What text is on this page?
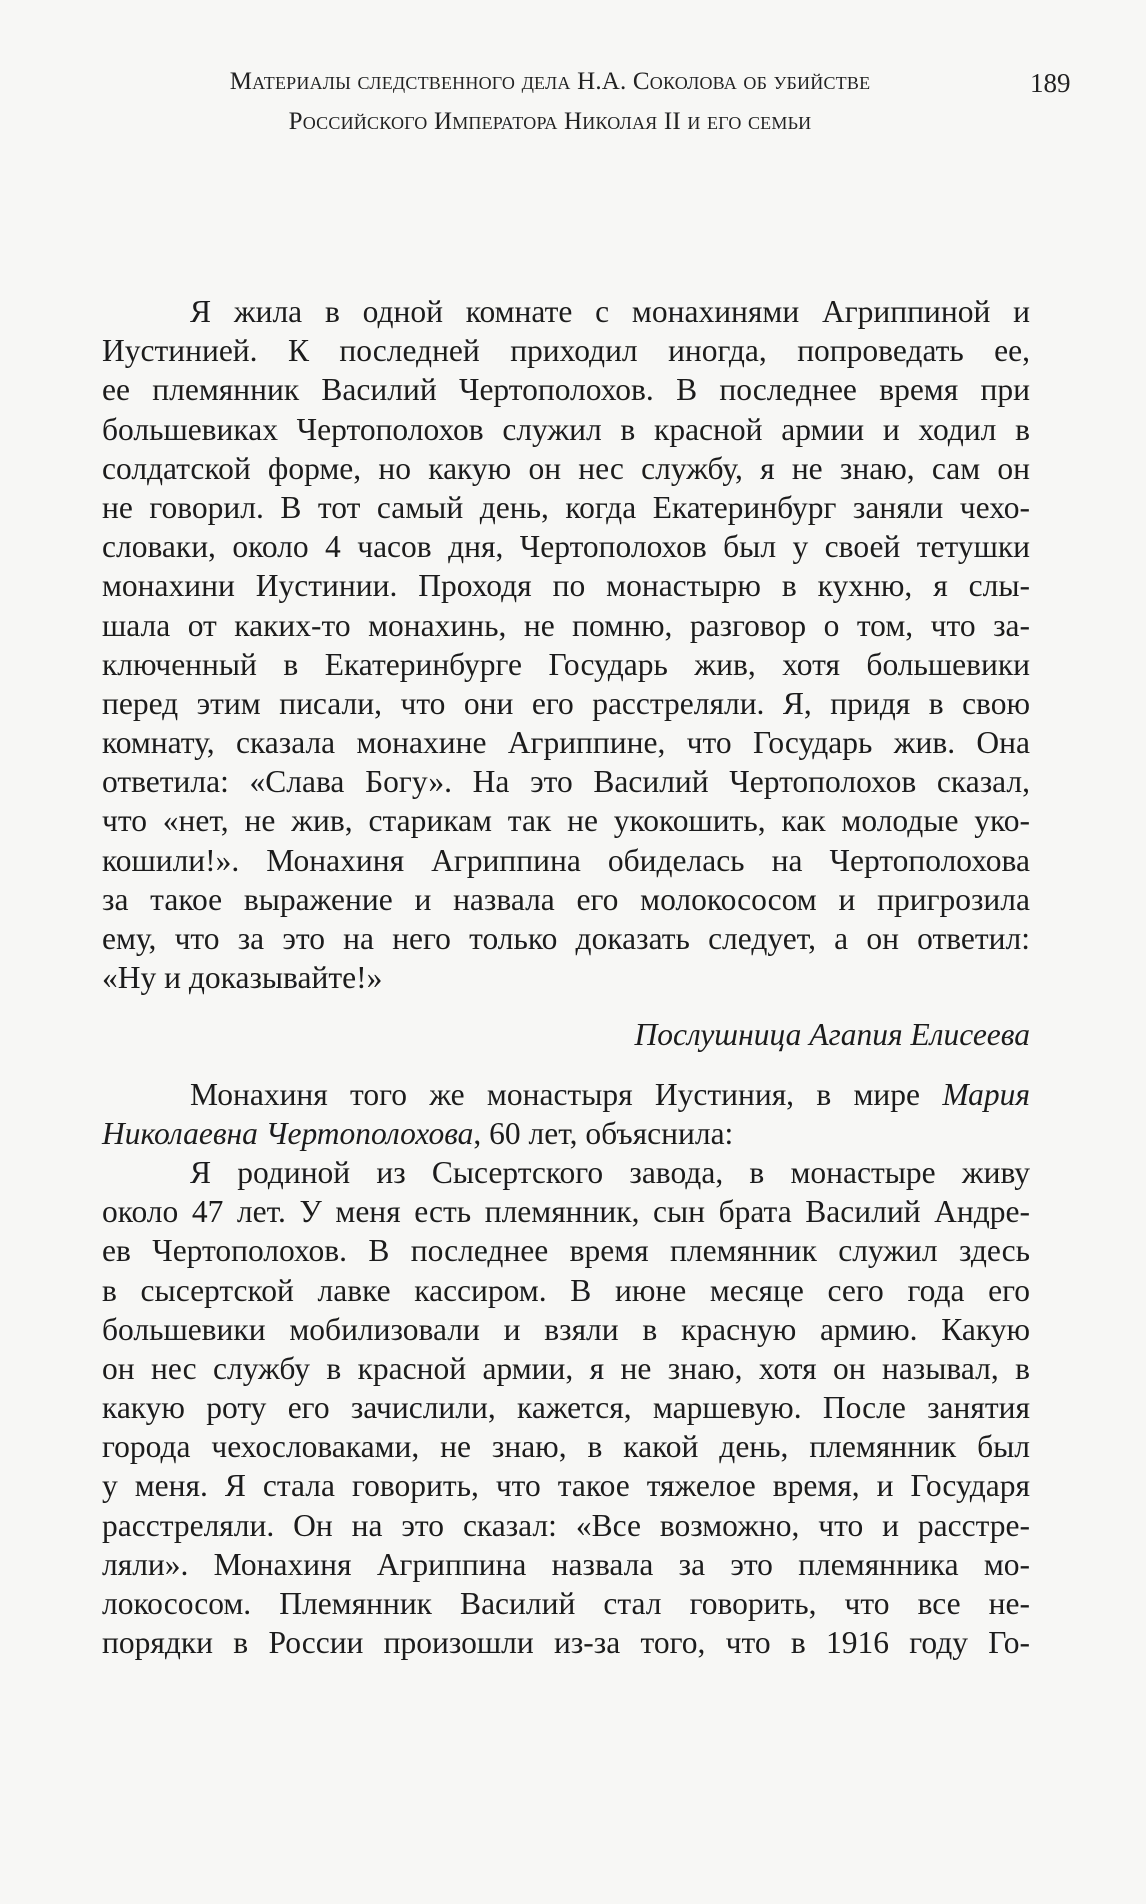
Материалы следственного дела Н.А. Соколова об убийстве
Российского Императора Николая II и его семьи
189
Я жила в одной комнате с монахинями Агриппиной и
Иустинией. К последней приходил иногда, попроведать ее,
ее племянник Василий Чертополохов. В последнее время при
большевиках Чертополохов служил в красной армии и ходил в
солдатской форме, но какую он нес службу, я не знаю, сам он
не говорил. В тот самый день, когда Екатеринбург заняли чехо-
словаки, около 4 часов дня, Чертополохов был у своей тетушки
монахини Иустинии. Проходя по монастырю в кухню, я слы-
шала от каких-то монахинь, не помню, разговор о том, что за-
ключенный в Екатеринбурге Государь жив, хотя большевики
перед этим писали, что они его расстреляли. Я, придя в свою
комнату, сказала монахине Агриппине, что Государь жив. Она
ответила: «Слава Богу». На это Василий Чертополохов сказал,
что «нет, не жив, старикам так не укокошить, как молодые уко-
кошили!». Монахиня Агриппина обиделась на Чертополохова
за такое выражение и назвала его молокососом и пригрозила
ему, что за это на него только доказать следует, а он ответил:
«Ну и доказывайте!»
Послушница Агапия Елисеева
Монахиня того же монастыря Иустиния, в мире Мария
Николаевна Чертополохова, 60 лет, объяснила:
Я родиной из Сысертского завода, в монастыре живу
около 47 лет. У меня есть племянник, сын брата Василий Андре-
ев Чертополохов. В последнее время племянник служил здесь
в сысертской лавке кассиром. В июне месяце сего года его
большевики мобилизовали и взяли в красную армию. Какую
он нес службу в красной армии, я не знаю, хотя он называл, в
какую роту его зачислили, кажется, маршевую. После занятия
города чехословаками, не знаю, в какой день, племянник был
у меня. Я стала говорить, что такое тяжелое время, и Государя
расстреляли. Он на это сказал: «Все возможно, что и расстре-
ляли». Монахиня Агриппина назвала за это племянника мо-
локососом. Племянник Василий стал говорить, что все не-
порядки в России произошли из-за того, что в 1916 году Го-
